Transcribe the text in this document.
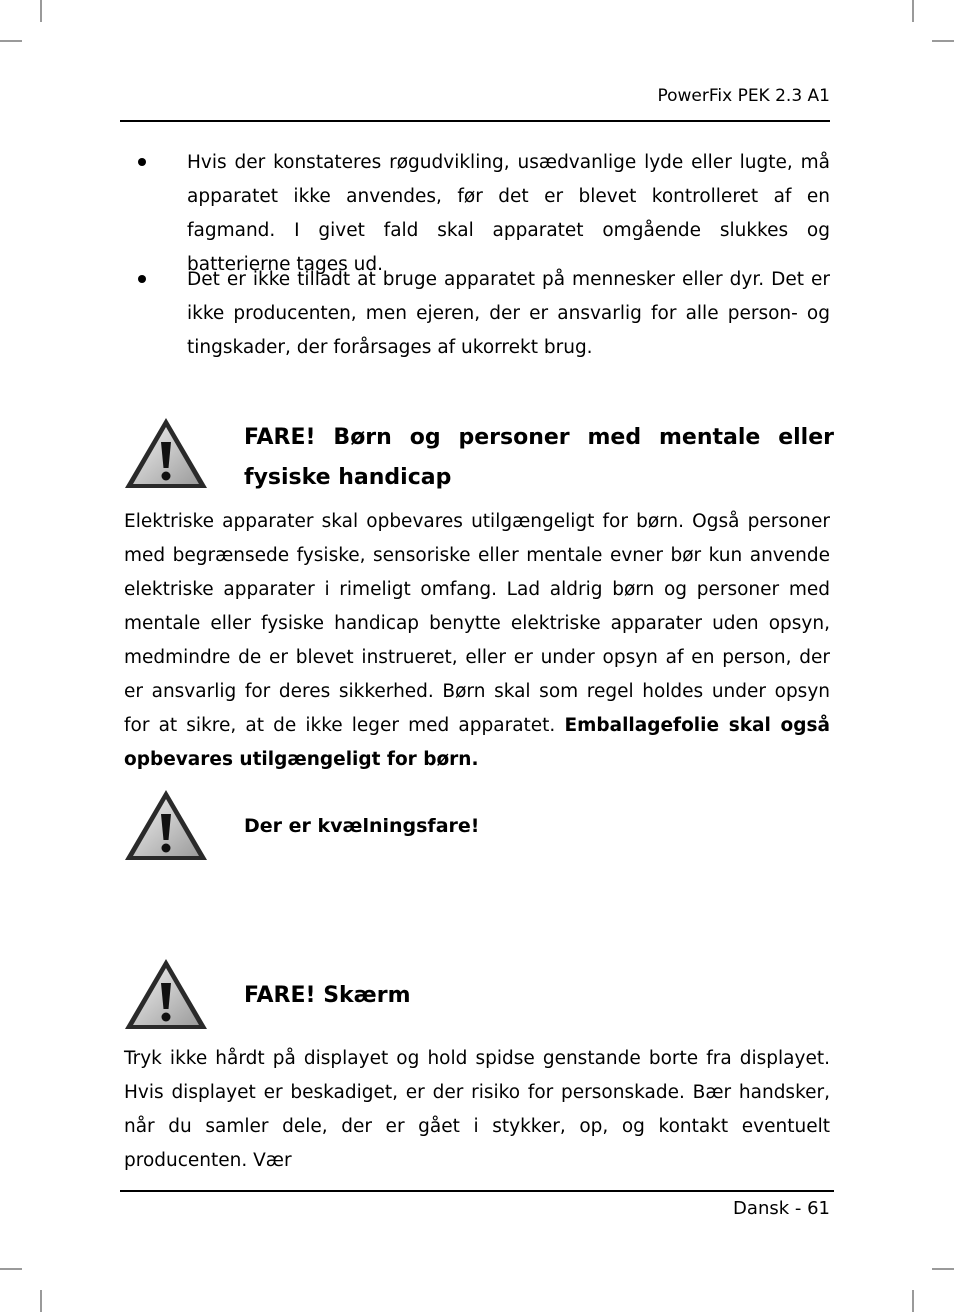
PowerFix PEK 2.3 A1
Hvis der konstateres røgudvikling, usædvanlige lyde eller lugte, må apparatet ikke anvendes, før det er blevet kontrolleret af en fagmand. I givet fald skal apparatet omgående slukkes og batterierne tages ud.
Det er ikke tilladt at bruge apparatet på mennesker eller dyr. Det er ikke producenten, men ejeren, der er ansvarlig for alle person- og tingskader, der forårsages af ukorrekt brug.
FARE! Børn og personer med mentale eller
fysiske handicap
Elektriske apparater skal opbevares utilgængeligt for børn. Også personer med begrænsede fysiske, sensoriske eller mentale evner bør kun anvende elektriske apparater i rimeligt omfang. Lad aldrig børn og personer med mentale eller fysiske handicap benytte elektriske apparater uden opsyn, medmindre de er blevet instrueret, eller er under opsyn af en person, der er ansvarlig for deres sikkerhed. Børn skal som regel holdes under opsyn for at sikre, at de ikke leger med apparatet. Emballagefolie skal også opbevares utilgængeligt for børn.
Der er kvælningsfare!
FARE! Skærm
Tryk ikke hårdt på displayet og hold spidse genstande borte fra displayet. Hvis displayet er beskadiget, er der risiko for personskade. Bær handsker, når du samler dele, der er gået i stykker, op, og kontakt eventuelt producenten. Vær
Dansk - 61
